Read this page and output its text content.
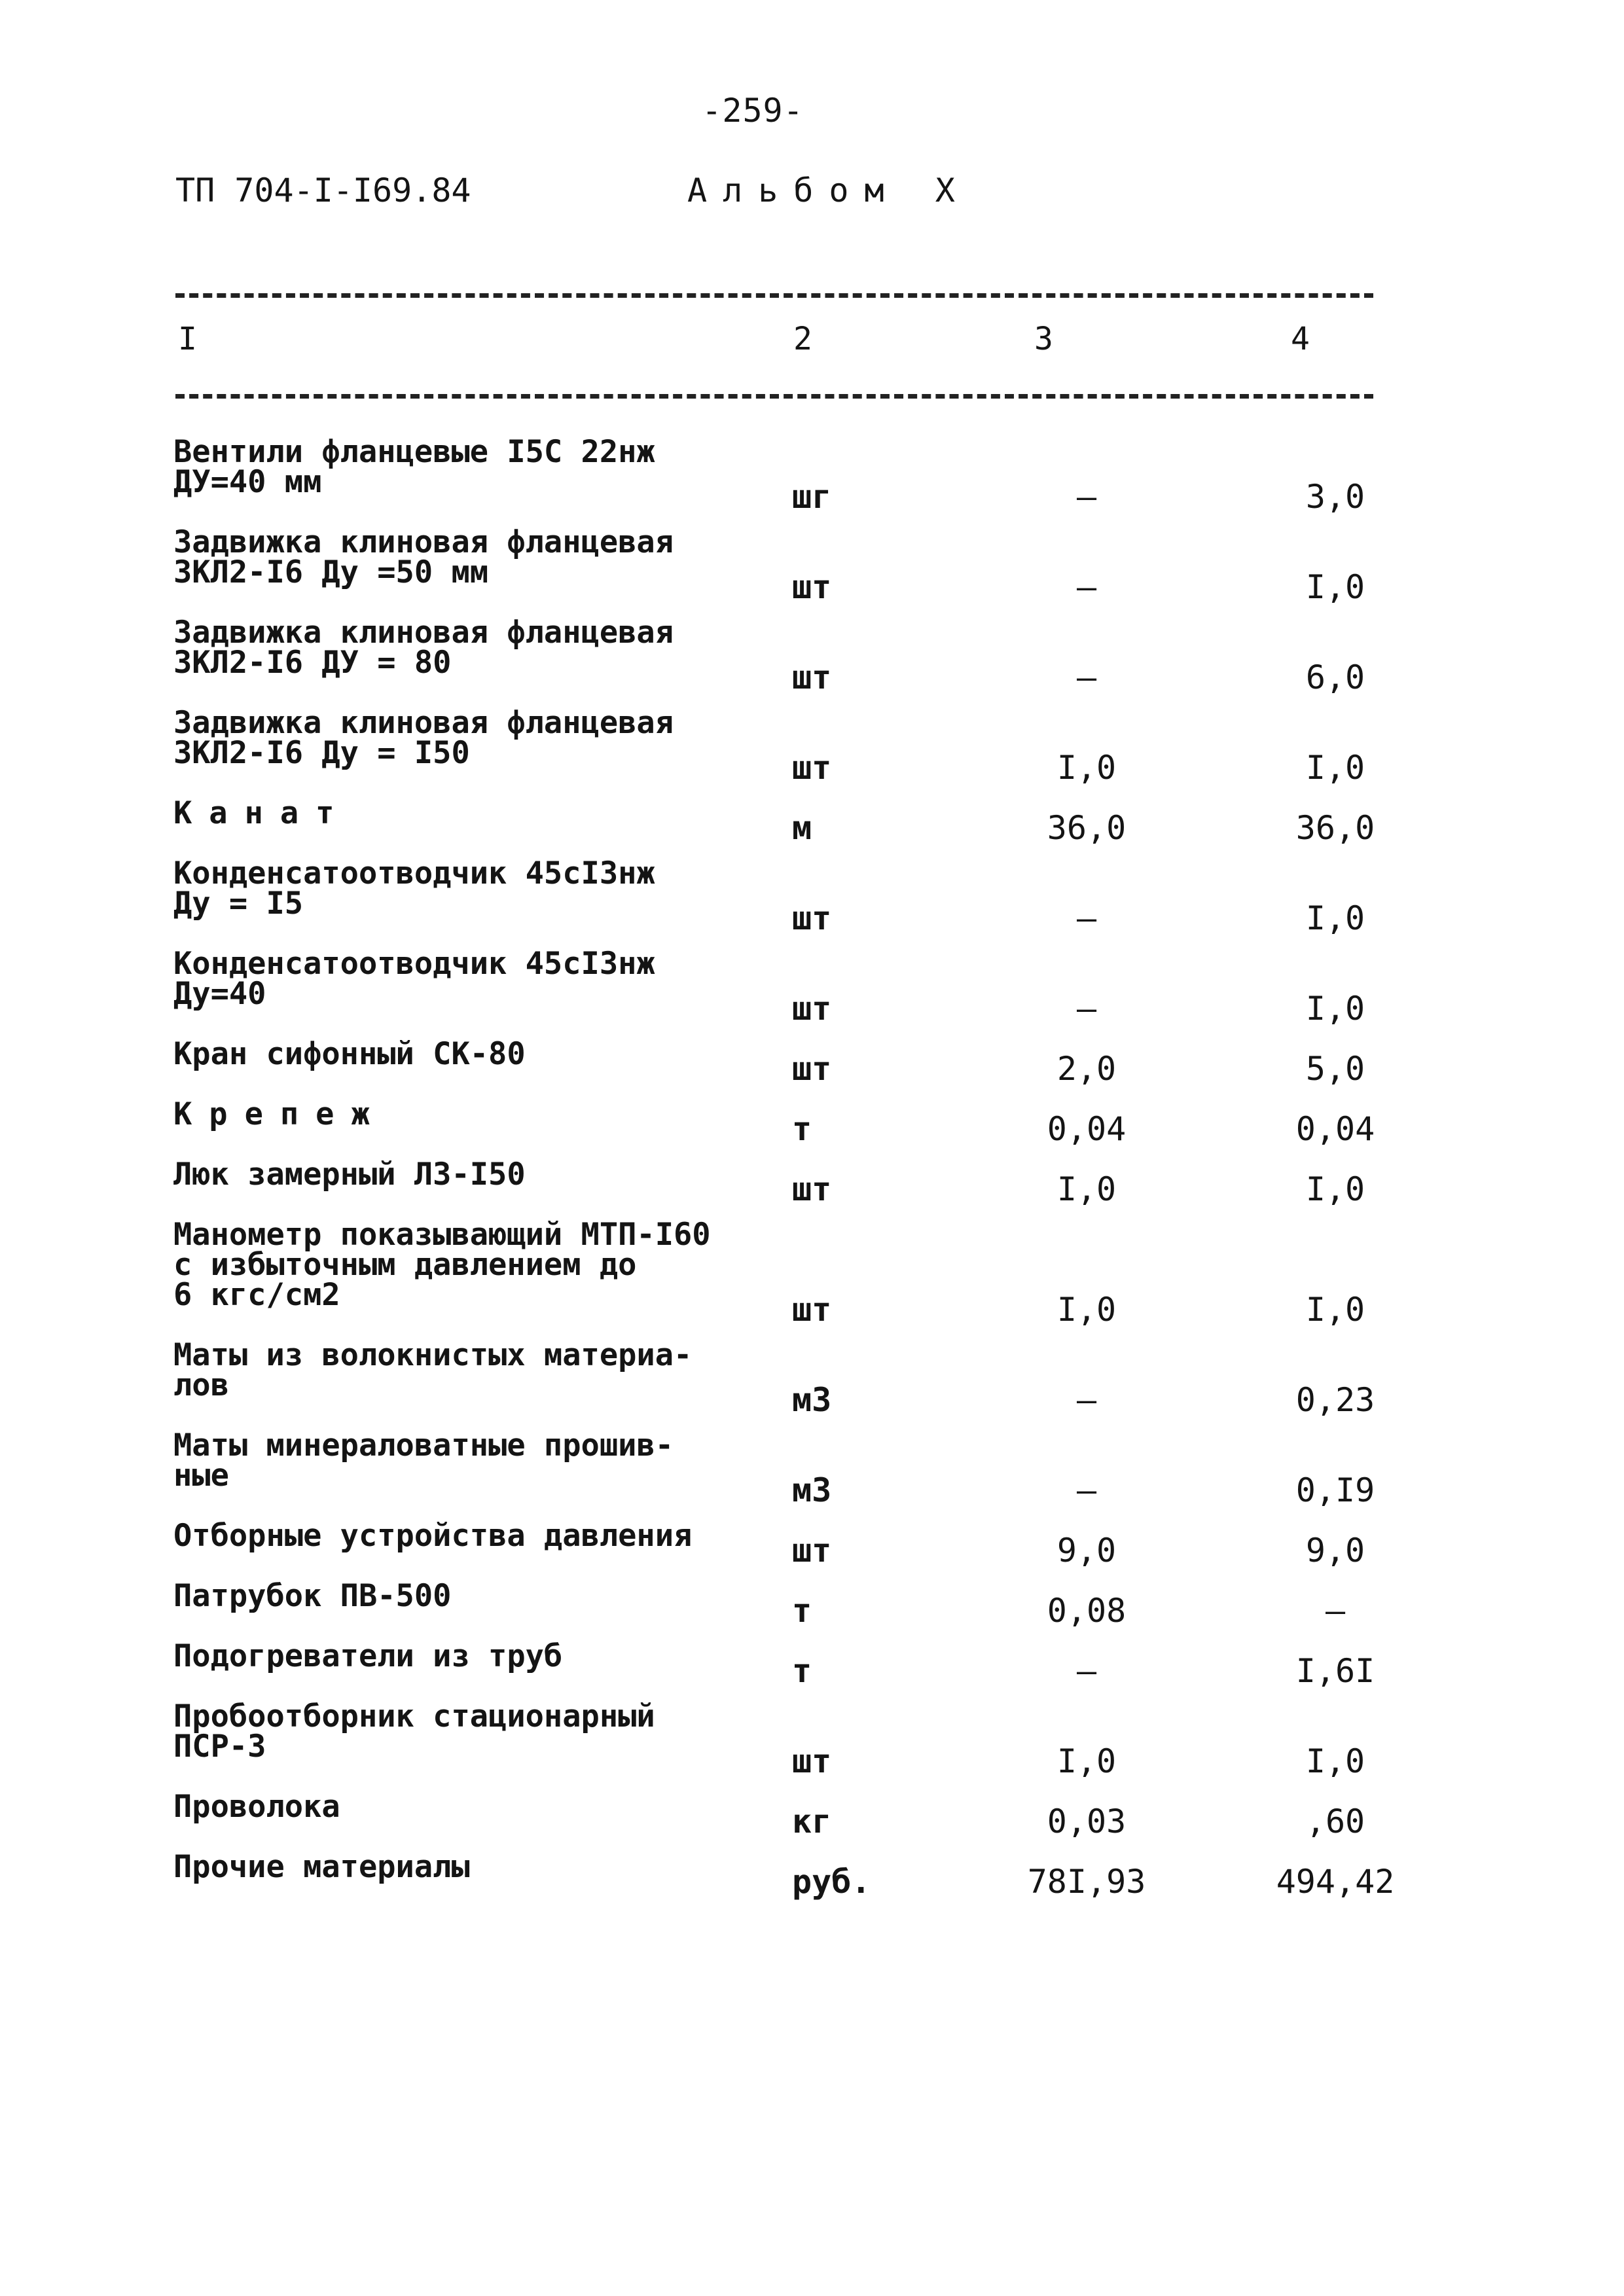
-259-
ТП 704-I-I69.84	Альбом X
I	2	3	4
Вентили фланцевые I5C 22нж
ДУ=40 мм	шг	–	3,0
Задвижка клиновая фланцевая
ЗКЛ2-I6 Ду =50 мм	шт	–	I,0
Задвижка клиновая фланцевая
ЗКЛ2-I6 ДУ = 80	шт	–	6,0
Задвижка клиновая фланцевая
ЗКЛ2-I6 Ду = I50	шт	I,0	I,0
Канат	м	36,0	36,0
Конденсатоотводчик 45сI3нж
Ду = I5	шт	–	I,0
Конденсатоотводчик 45сI3нж
Ду=40	шт	–	I,0
Кран сифонный СК-80	шт	2,0	5,0
Крепеж	т	0,04	0,04
Люк замерный ЛЗ-I50	шт	I,0	I,0
Манометр показывающий МТП-I60
с избыточным давлением до
6 кгс/см2	шт	I,0	I,0
Маты из волокнистых материа-
лов	м3	–	0,23
Маты минераловатные прошив-
ные	м3	–	0,I9
Отборные устройства давления	шт	9,0	9,0
Патрубок ПВ-500	т	0,08	–
Подогреватели из труб	т	–	I,6I
Пробоотборник стационарный
ПСР-3	шт	I,0	I,0
Проволока	кг	0,03	,60
Прочие материалы	руб.	78I,93	494,42
